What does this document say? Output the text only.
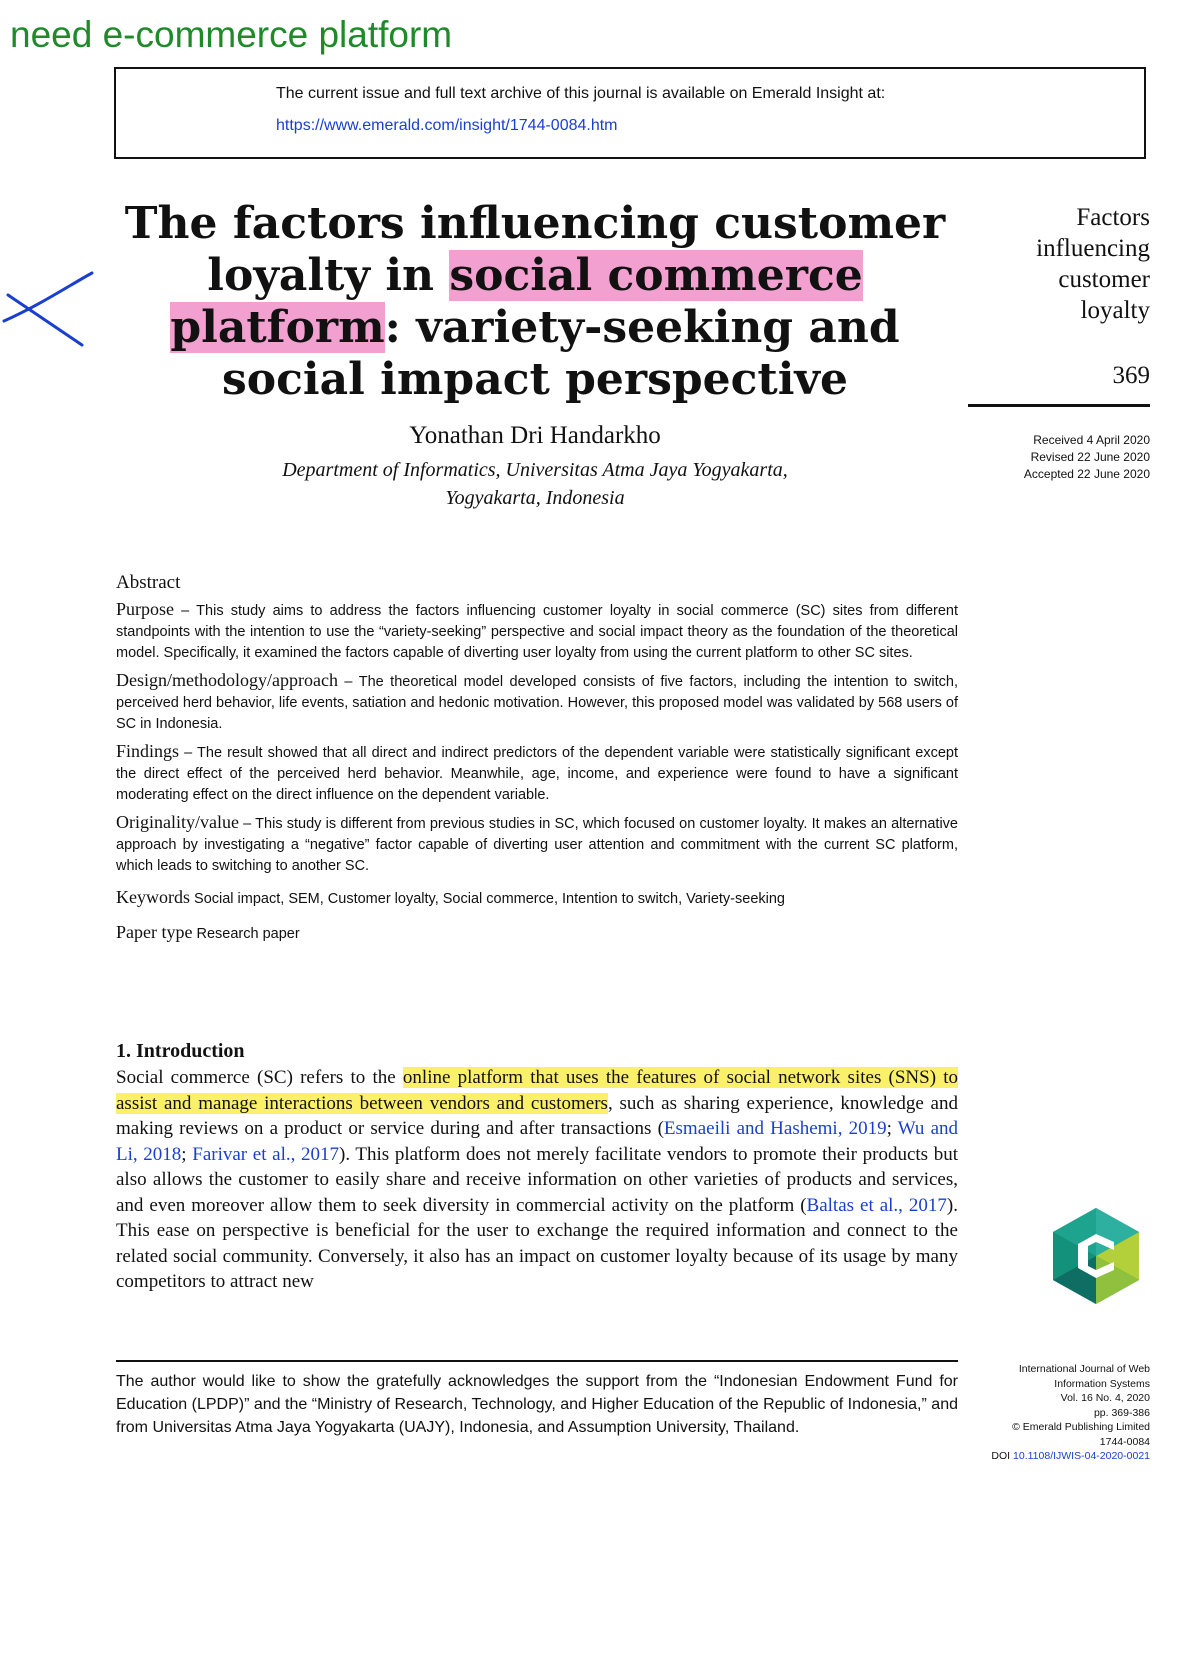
need e-commerce platform
The current issue and full text archive of this journal is available on Emerald Insight at:
https://www.emerald.com/insight/1744-0084.htm
The factors influencing customer loyalty in social commerce platform: variety-seeking and social impact perspective
Yonathan Dri Handarkho
Department of Informatics, Universitas Atma Jaya Yogyakarta,
Yogyakarta, Indonesia
Factors
influencing
customer
loyalty
369
Received 4 April 2020
Revised 22 June 2020
Accepted 22 June 2020
Abstract

Purpose – This study aims to address the factors influencing customer loyalty in social commerce (SC) sites from different standpoints with the intention to use the “variety-seeking” perspective and social impact theory as the foundation of the theoretical model. Specifically, it examined the factors capable of diverting user loyalty from using the current platform to other SC sites.

Design/methodology/approach – The theoretical model developed consists of five factors, including the intention to switch, perceived herd behavior, life events, satiation and hedonic motivation. However, this proposed model was validated by 568 users of SC in Indonesia.

Findings – The result showed that all direct and indirect predictors of the dependent variable were statistically significant except the direct effect of the perceived herd behavior. Meanwhile, age, income, and experience were found to have a significant moderating effect on the direct influence on the dependent variable.

Originality/value – This study is different from previous studies in SC, which focused on customer loyalty. It makes an alternative approach by investigating a “negative” factor capable of diverting user attention and commitment with the current SC platform, which leads to switching to another SC.

Keywords Social impact, SEM, Customer loyalty, Social commerce, Intention to switch, Variety-seeking

Paper type Research paper

1. Introduction

Social commerce (SC) refers to the online platform that uses the features of social network sites (SNS) to assist and manage interactions between vendors and customers, such as sharing experience, knowledge and making reviews on a product or service during and after transactions (Esmaeili and Hashemi, 2019; Wu and Li, 2018; Farivar et al., 2017). This platform does not merely facilitate vendors to promote their products but also allows the customer to easily share and receive information on other varieties of products and services, and even moreover allow them to seek diversity in commercial activity on the platform (Baltas et al., 2017). This ease on perspective is beneficial for the user to exchange the required information and connect to the related social community. Conversely, it also has an impact on customer loyalty because of its usage by many competitors to attract new

The author would like to show the gratefully acknowledges the support from the “Indonesian Endowment Fund for Education (LPDP)” and the “Ministry of Research, Technology, and Higher Education of the Republic of Indonesia,” and from Universitas Atma Jaya Yogyakarta (UAJY), Indonesia, and Assumption University, Thailand.
International Journal of Web
Information Systems
Vol. 16 No. 4, 2020
pp. 369-386
© Emerald Publishing Limited
1744-0084
DOI 10.1108/IJWIS-04-2020-0021
